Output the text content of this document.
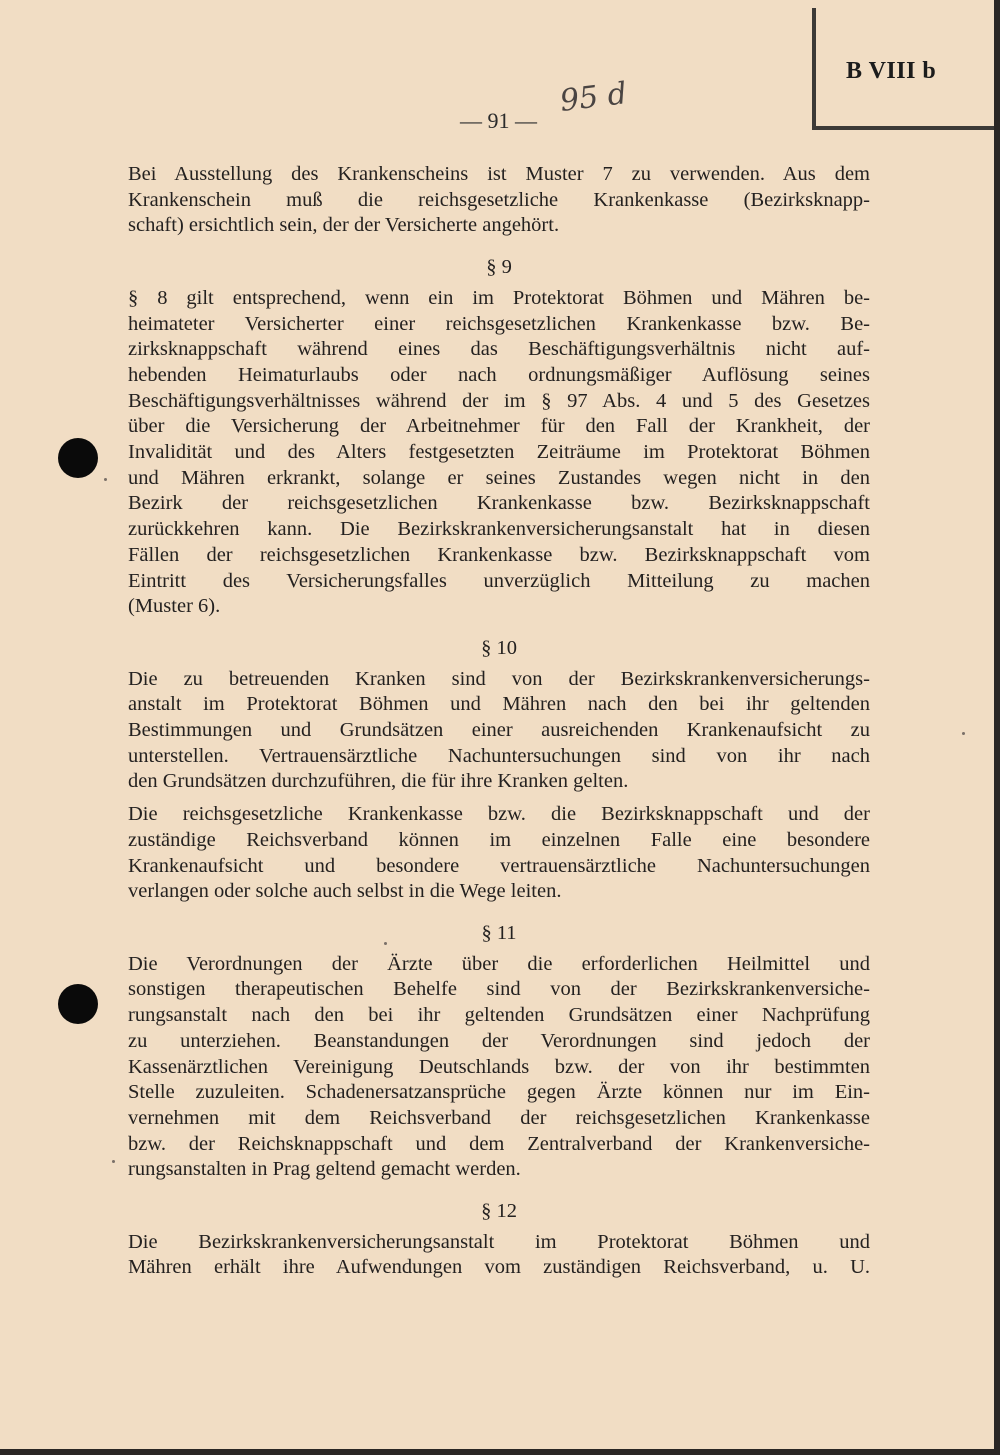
B VIII b
— 91 —
95 d
Bei Ausstellung des Krankenscheins ist Muster 7 zu verwenden. Aus dem
Krankenschein muß die reichsgesetzliche Krankenkasse (Bezirksknapp-
schaft) ersichtlich sein, der der Versicherte angehört.
§ 9
§ 8 gilt entsprechend, wenn ein im Protektorat Böhmen und Mähren be-
heimateter Versicherter einer reichsgesetzlichen Krankenkasse bzw. Be-
zirksknappschaft während eines das Beschäftigungsverhältnis nicht auf-
hebenden Heimaturlaubs oder nach ordnungsmäßiger Auflösung seines
Beschäftigungsverhältnisses während der im § 97 Abs. 4 und 5 des Gesetzes
über die Versicherung der Arbeitnehmer für den Fall der Krankheit, der
Invalidität und des Alters festgesetzten Zeiträume im Protektorat Böhmen
und Mähren erkrankt, solange er seines Zustandes wegen nicht in den
Bezirk der reichsgesetzlichen Krankenkasse bzw. Bezirksknappschaft
zurückkehren kann. Die Bezirkskrankenversicherungsanstalt hat in diesen
Fällen der reichsgesetzlichen Krankenkasse bzw. Bezirksknappschaft vom
Eintritt des Versicherungsfalles unverzüglich Mitteilung zu machen
(Muster 6).
§ 10
Die zu betreuenden Kranken sind von der Bezirkskrankenversicherungs-
anstalt im Protektorat Böhmen und Mähren nach den bei ihr geltenden
Bestimmungen und Grundsätzen einer ausreichenden Krankenaufsicht zu
unterstellen. Vertrauensärztliche Nachuntersuchungen sind von ihr nach
den Grundsätzen durchzuführen, die für ihre Kranken gelten.
Die reichsgesetzliche Krankenkasse bzw. die Bezirksknappschaft und der
zuständige Reichsverband können im einzelnen Falle eine besondere
Krankenaufsicht und besondere vertrauensärztliche Nachuntersuchungen
verlangen oder solche auch selbst in die Wege leiten.
§ 11
Die Verordnungen der Ärzte über die erforderlichen Heilmittel und
sonstigen therapeutischen Behelfe sind von der Bezirkskrankenversiche-
rungsanstalt nach den bei ihr geltenden Grundsätzen einer Nachprüfung
zu unterziehen. Beanstandungen der Verordnungen sind jedoch der
Kassenärztlichen Vereinigung Deutschlands bzw. der von ihr bestimmten
Stelle zuzuleiten. Schadenersatzansprüche gegen Ärzte können nur im Ein-
vernehmen mit dem Reichsverband der reichsgesetzlichen Krankenkasse
bzw. der Reichsknappschaft und dem Zentralverband der Krankenversiche-
rungsanstalten in Prag geltend gemacht werden.
§ 12
Die Bezirkskrankenversicherungsanstalt im Protektorat Böhmen und
Mähren erhält ihre Aufwendungen vom zuständigen Reichsverband, u. U.
